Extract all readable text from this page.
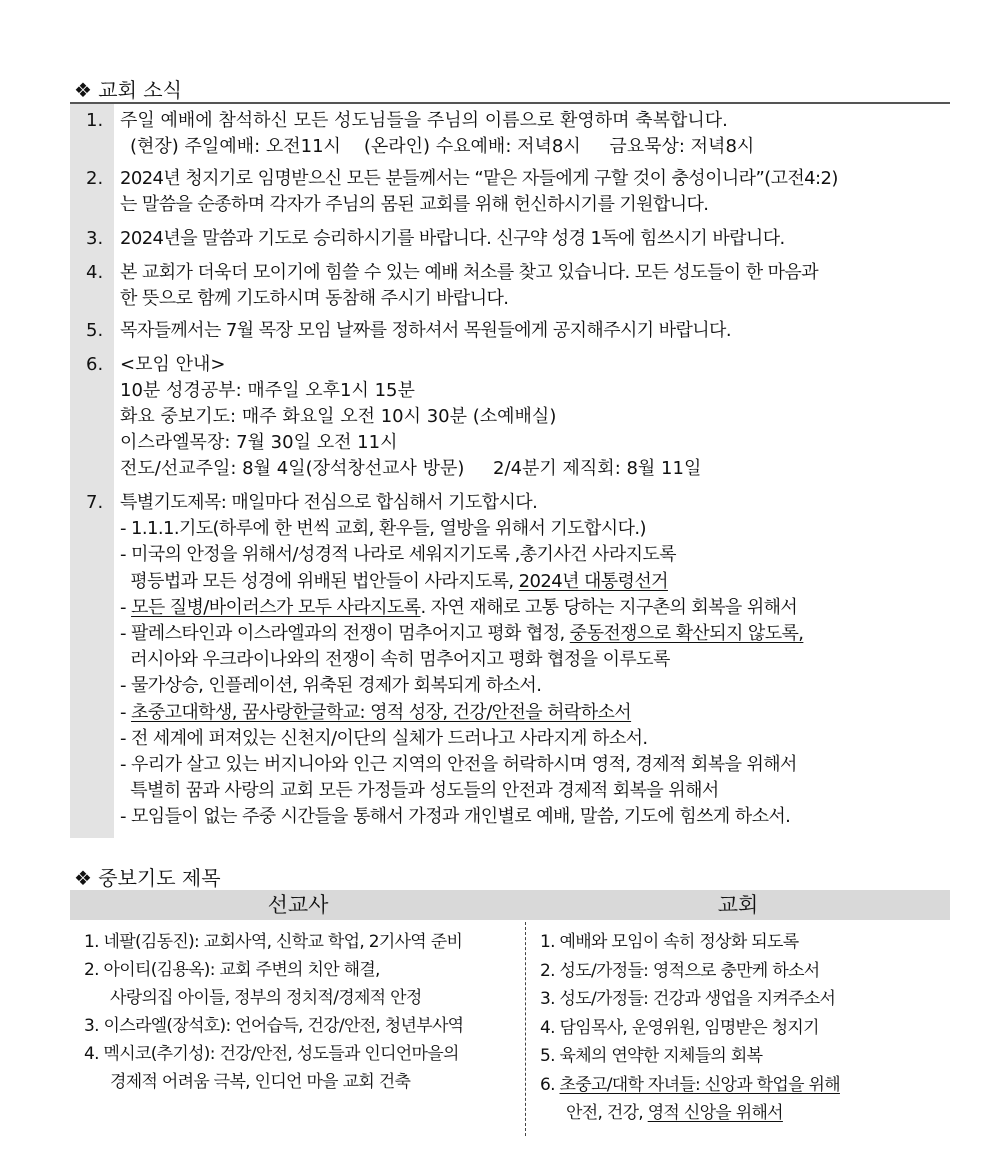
❖ 교회 소식
1. 주일 예배에 참석하신 모든 성도님들을 주님의 이름으로 환영하며 축복합니다.
(현장) 주일예배: 오전11시    (온라인) 수요예배: 저녁8시     금요묵상: 저녁8시
2. 2024년 청지기로 임명받으신 모든 분들께서는 “맡은 자들에게 구할 것이 충성이니라”(고전4:2)
는 말씀을 순종하며 각자가 주님의 몸된 교회를 위해 헌신하시기를 기원합니다.
3. 2024년을 말씀과 기도로 승리하시기를 바랍니다. 신구약 성경 1독에 힘쓰시기 바랍니다.
4. 본 교회가 더욱더 모이기에 힘쓸 수 있는 예배 처소를 찾고 있습니다. 모든 성도들이 한 마음과
한 뜻으로 함께 기도하시며 동참해 주시기 바랍니다.
5. 목자들께서는 7월 목장 모임 날짜를 정하셔서 목원들에게 공지해주시기 바랍니다.
6. <모임 안내>
10분 성경공부: 매주일 오후1시 15분
화요 중보기도: 매주 화요일 오전 10시 30분 (소예배실)
이스라엘목장: 7월 30일 오전 11시
전도/선교주일: 8월 4일(장석창선교사 방문)     2/4분기 제직회: 8월 11일
7. 특별기도제목: 매일마다 전심으로 합심해서 기도합시다.
- 1.1.1.기도(하루에 한 번씩 교회, 환우들, 열방을 위해서 기도합시다.)
- 미국의 안정을 위해서/성경적 나라로 세워지기도록 ,총기사건 사라지도록
평등법과 모든 성경에 위배된 법안들이 사라지도록, 2024년 대통령선거
- 모든 질병/바이러스가 모두 사라지도록. 자연 재해로 고통 당하는 지구촌의 회복을 위해서
- 팔레스타인과 이스라엘과의 전쟁이 멈추어지고 평화 협정, 중동전쟁으로 확산되지 않도록,
러시아와 우크라이나와의 전쟁이 속히 멈추어지고 평화 협정을 이루도록
- 물가상승, 인플레이션, 위축된 경제가 회복되게 하소서.
- 초중고대학생, 꿈사랑한글학교: 영적 성장, 건강/안전을 허락하소서
- 전 세계에 퍼져있는 신천지/이단의 실체가 드러나고 사라지게 하소서.
- 우리가 살고 있는 버지니아와 인근 지역의 안전을 허락하시며 영적, 경제적 회복을 위해서
특별히 꿈과 사랑의 교회 모든 가정들과 성도들의 안전과 경제적 회복을 위해서
- 모임들이 없는 주중 시간들을 통해서 가정과 개인별로 예배, 말씀, 기도에 힘쓰게 하소서.
❖ 중보기도 제목
선교사	교회
1. 네팔(김동진): 교회사역, 신학교 학업, 2기사역 준비
2. 아이티(김용옥): 교회 주변의 치안 해결,
사랑의집 아이들, 정부의 정치적/경제적 안정
3. 이스라엘(장석호): 언어습득, 건강/안전, 청년부사역
4. 멕시코(추기성): 건강/안전, 성도들과 인디언마을의
경제적 어려움 극복, 인디언 마을 교회 건축
1. 예배와 모임이 속히 정상화 되도록
2. 성도/가정들: 영적으로 충만케 하소서
3. 성도/가정들: 건강과 생업을 지켜주소서
4. 담임목사, 운영위원, 임명받은 청지기
5. 육체의 연약한 지체들의 회복
6. 초중고/대학 자녀들: 신앙과 학업을 위해
안전, 건강, 영적 신앙을 위해서
